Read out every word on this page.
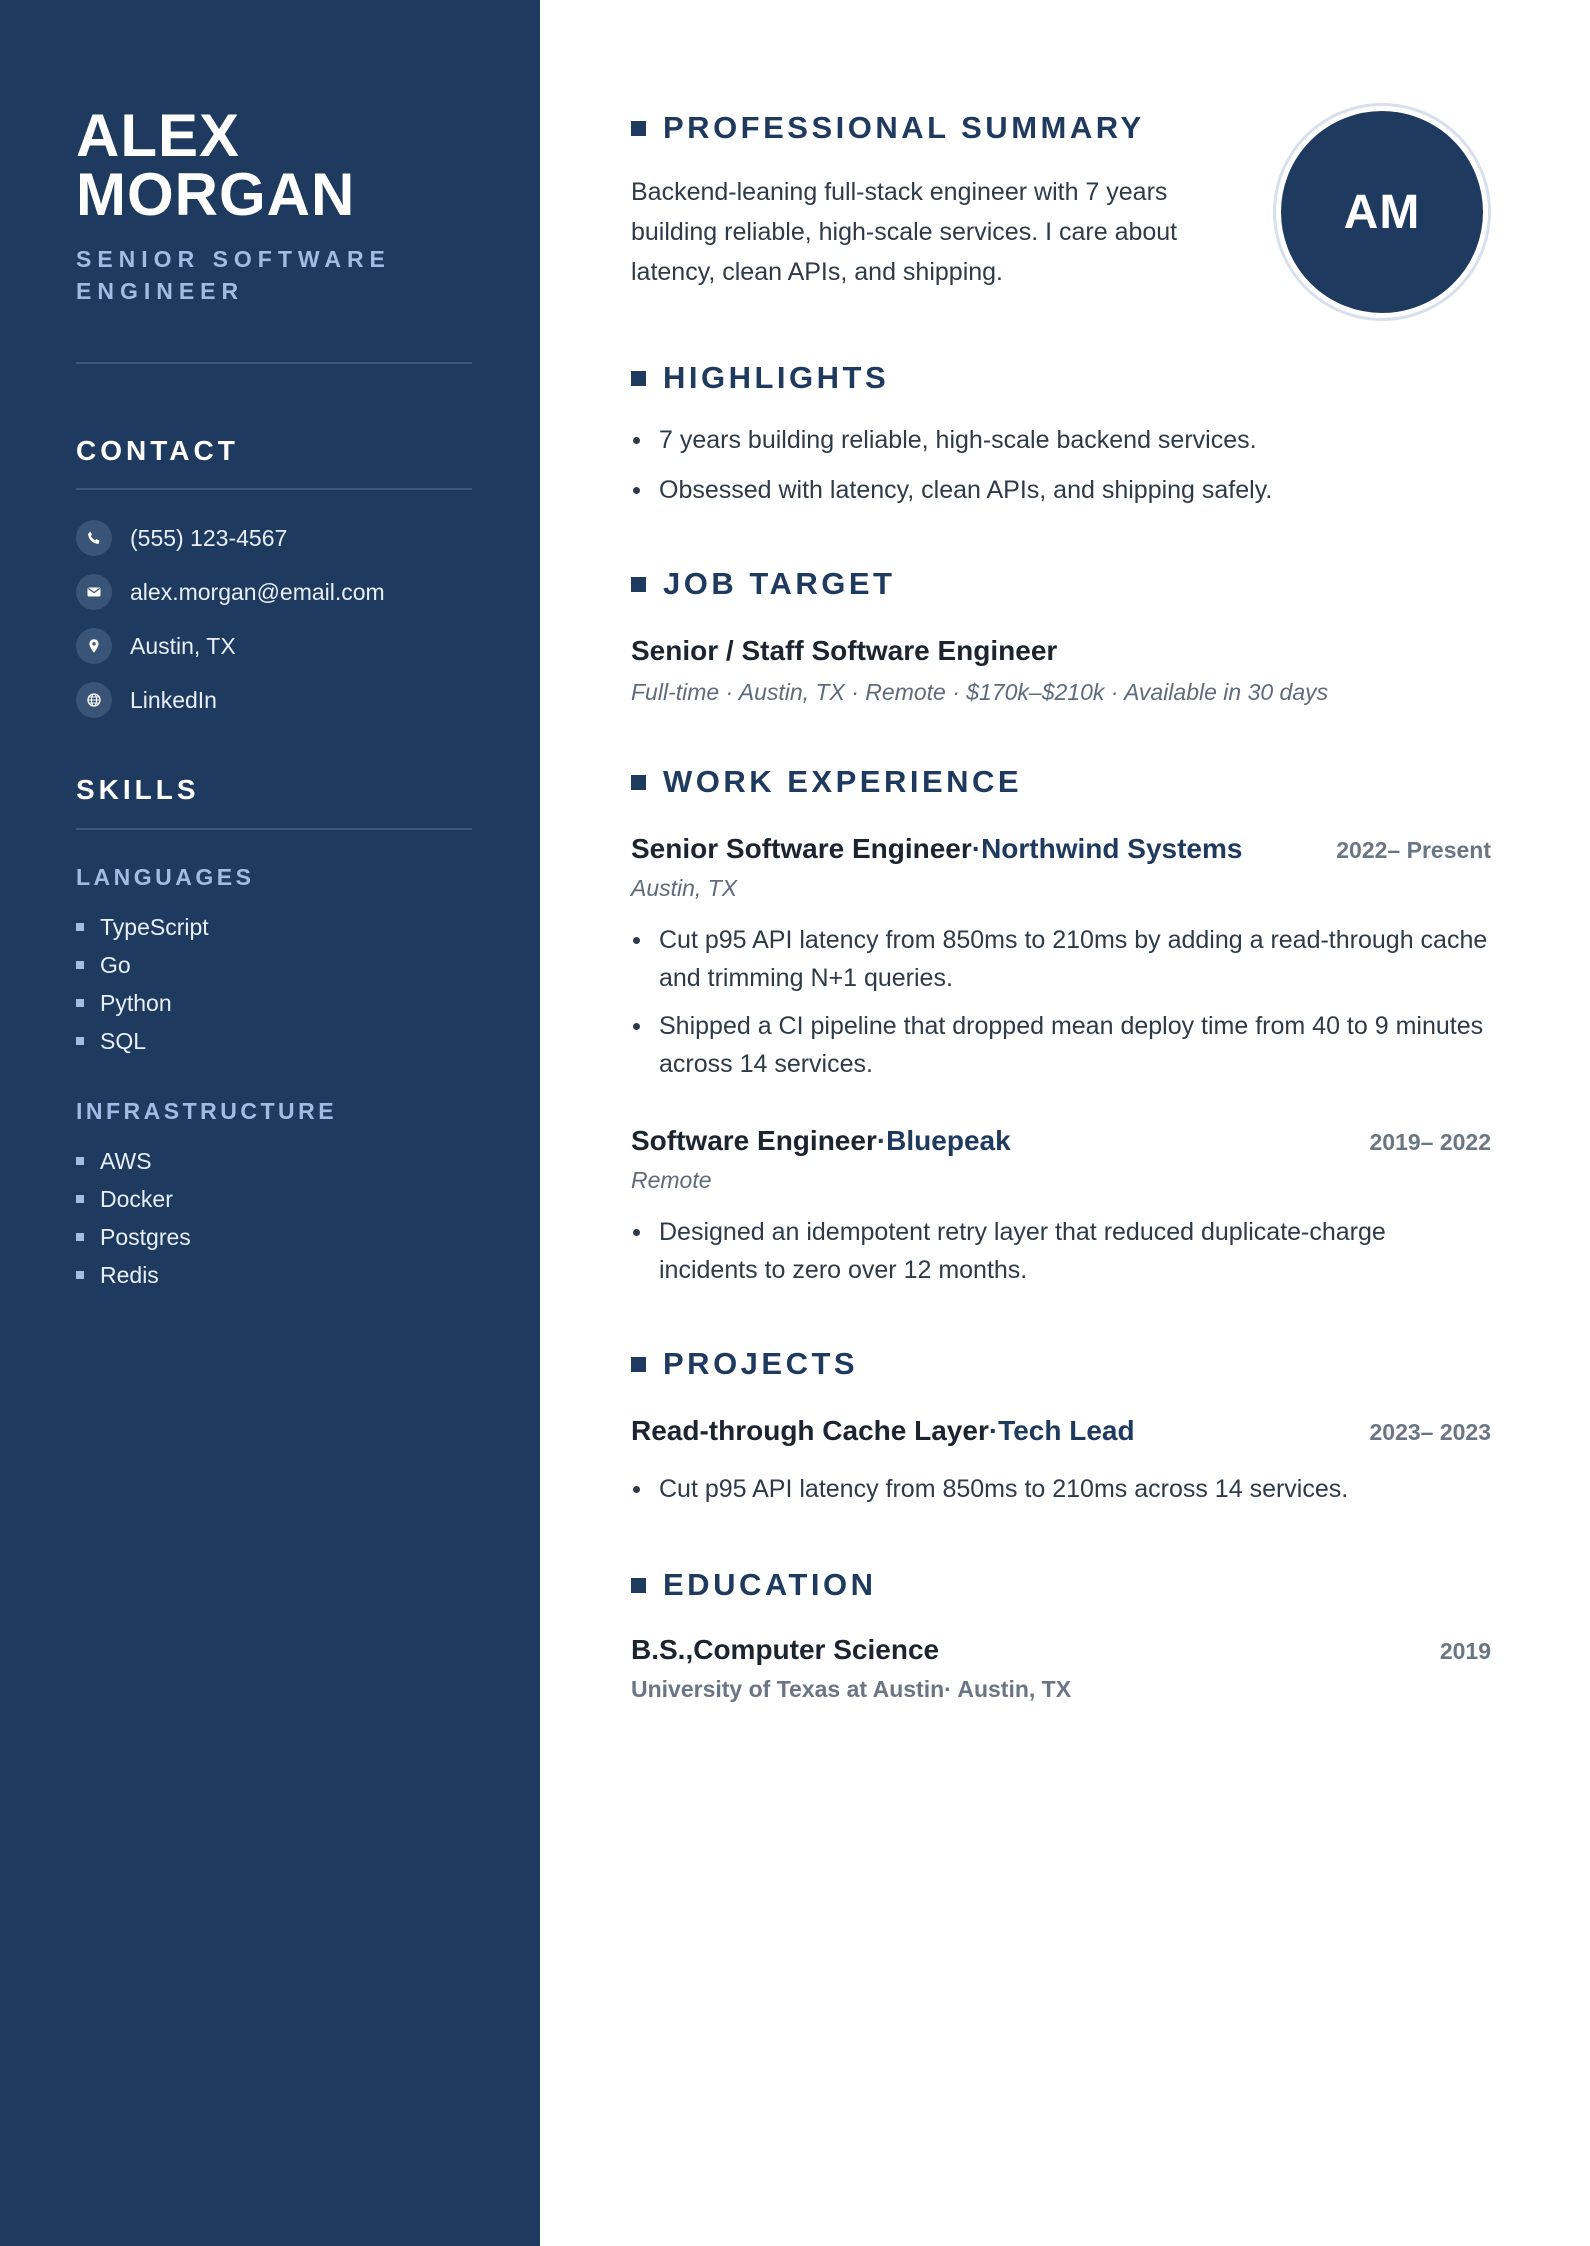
ALEX
MORGAN
SENIOR SOFTWARE ENGINEER
CONTACT
(555) 123-4567
alex.morgan@email.com
Austin, TX
LinkedIn
SKILLS
LANGUAGES
TypeScript
Go
Python
SQL
INFRASTRUCTURE
AWS
Docker
Postgres
Redis
PROFESSIONAL SUMMARY

Backend-leaning full-stack engineer with 7 years building reliable, high-scale services. I care about latency, clean APIs, and shipping.

AM
HIGHLIGHTS
7 years building reliable, high-scale backend services.
Obsessed with latency, clean APIs, and shipping safely.
JOB TARGET
Senior / Staff Software Engineer
Full-time · Austin, TX · Remote · $170k–$210k · Available in 30 days
WORK EXPERIENCE
Senior Software Engineer·Northwind Systems	2022– Present
Austin, TX
Cut p95 API latency from 850ms to 210ms by adding a read-through cache and trimming N+1 queries.
Shipped a CI pipeline that dropped mean deploy time from 40 to 9 minutes across 14 services.
Software Engineer·Bluepeak	2019– 2022
Remote
Designed an idempotent retry layer that reduced duplicate-charge incidents to zero over 12 months.
PROJECTS
Read-through Cache Layer·Tech Lead	2023– 2023
Cut p95 API latency from 850ms to 210ms across 14 services.
EDUCATION
B.S.,Computer Science	2019
University of Texas at Austin· Austin, TX
